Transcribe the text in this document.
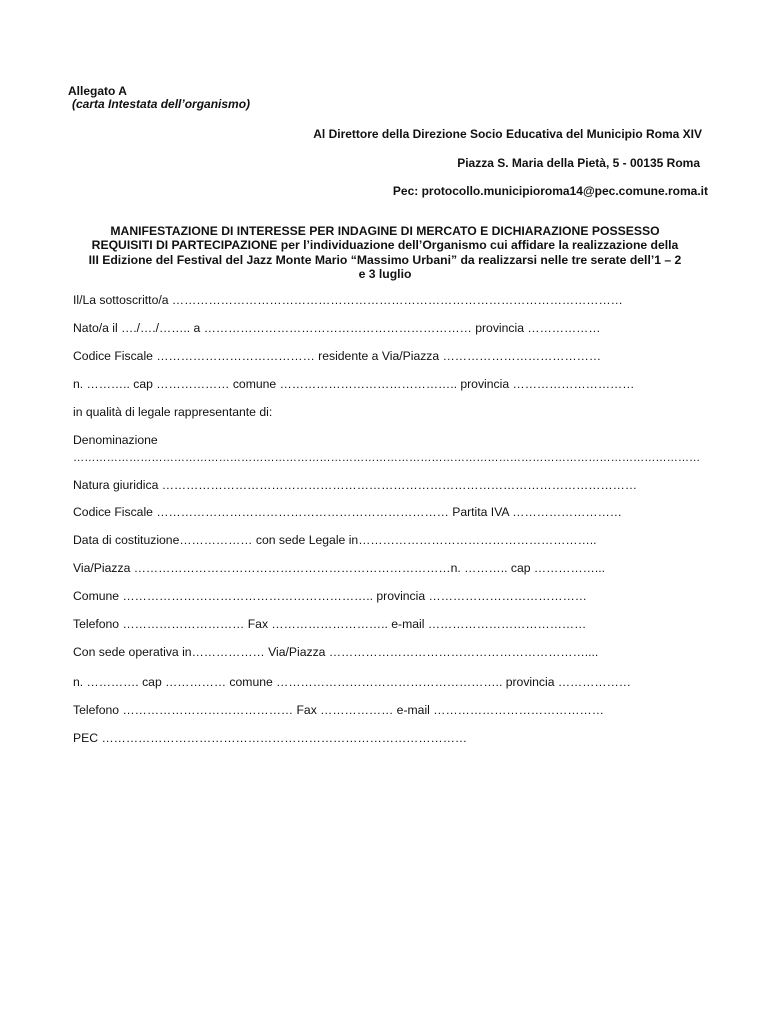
Allegato A
(carta Intestata dell’organismo)
Al Direttore della Direzione Socio Educativa del Municipio Roma XIV
Piazza S. Maria della Pietà, 5 - 00135 Roma
Pec: protocollo.municipioroma14@pec.comune.roma.it
MANIFESTAZIONE DI INTERESSE PER INDAGINE DI MERCATO E DICHIARAZIONE POSSESSO
REQUISITI DI PARTECIPAZIONE per l’individuazione dell’Organismo cui affidare la realizzazione della
III Edizione del Festival del Jazz Monte Mario “Massimo Urbani” da realizzarsi nelle tre serate dell’1 – 2
e 3 luglio
Il/La sottoscritto/a …………………………………………………………………………………………………
Nato/a il …./…./…….. a ………………………………………………………… provincia ………………
Codice Fiscale ………………………………… residente a Via/Piazza …………………………………
n. ……….. cap ……………… comune …………………………………….. provincia …………………………
in qualità di legale rappresentante di:
Denominazione
……………………………………………………………………………………………………………………………………………………
Natura giuridica ………………………………………………………………………………………………………
Codice Fiscale ……………………………………………………………… Partita IVA ………………………
Data di costituzione……………… con sede Legale in…………………………………………………..
Via/Piazza ……………………………………………………………………n. ……….. cap ……………...
Comune …………………………………………………….. provincia …………………………………
Telefono ………………………… Fax ……………………….. e-mail …………………………………
Con sede operativa in……………… Via/Piazza ………………………………………………………....
n. …………. cap …………… comune ……………………………………………….. provincia ………………
Telefono …………………………………… Fax ……………… e-mail ……………………………………
PEC ………………………………………………………………………………
